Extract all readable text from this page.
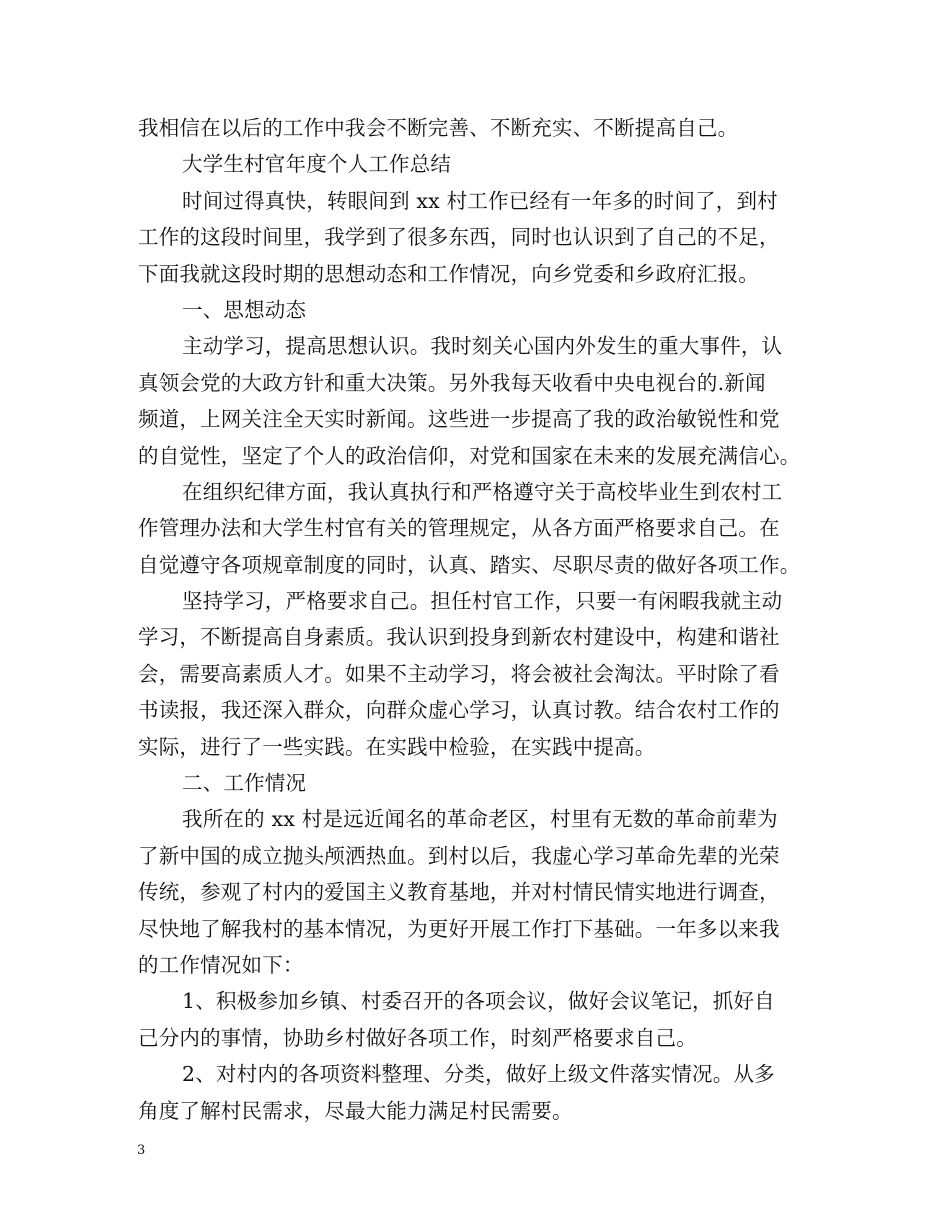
我相信在以后的工作中我会不断完善、不断充实、不断提高自己。
大学生村官年度个人工作总结
时间过得真快，转眼间到 xx 村工作已经有一年多的时间了，到村
工作的这段时间里，我学到了很多东西，同时也认识到了自己的不足，
下面我就这段时期的思想动态和工作情况，向乡党委和乡政府汇报。
一、思想动态
主动学习，提高思想认识。我时刻关心国内外发生的重大事件，认
真领会党的大政方针和重大决策。另外我每天收看中央电视台的.新闻
频道，上网关注全天实时新闻。这些进一步提高了我的政治敏锐性和党
的自觉性，坚定了个人的政治信仰，对党和国家在未来的发展充满信心。
在组织纪律方面，我认真执行和严格遵守关于高校毕业生到农村工
作管理办法和大学生村官有关的管理规定，从各方面严格要求自己。在
自觉遵守各项规章制度的同时，认真、踏实、尽职尽责的做好各项工作。
坚持学习，严格要求自己。担任村官工作，只要一有闲暇我就主动
学习，不断提高自身素质。我认识到投身到新农村建设中，构建和谐社
会，需要高素质人才。如果不主动学习，将会被社会淘汰。平时除了看
书读报，我还深入群众，向群众虚心学习，认真讨教。结合农村工作的
实际，进行了一些实践。在实践中检验，在实践中提高。
二、工作情况
我所在的 xx 村是远近闻名的革命老区，村里有无数的革命前辈为
了新中国的成立抛头颅洒热血。到村以后，我虚心学习革命先辈的光荣
传统，参观了村内的爱国主义教育基地，并对村情民情实地进行调查，
尽快地了解我村的基本情况，为更好开展工作打下基础。一年多以来我
的工作情况如下：
1、积极参加乡镇、村委召开的各项会议，做好会议笔记，抓好自
己分内的事情，协助乡村做好各项工作，时刻严格要求自己。
2、对村内的各项资料整理、分类，做好上级文件落实情况。从多
角度了解村民需求，尽最大能力满足村民需要。
3
